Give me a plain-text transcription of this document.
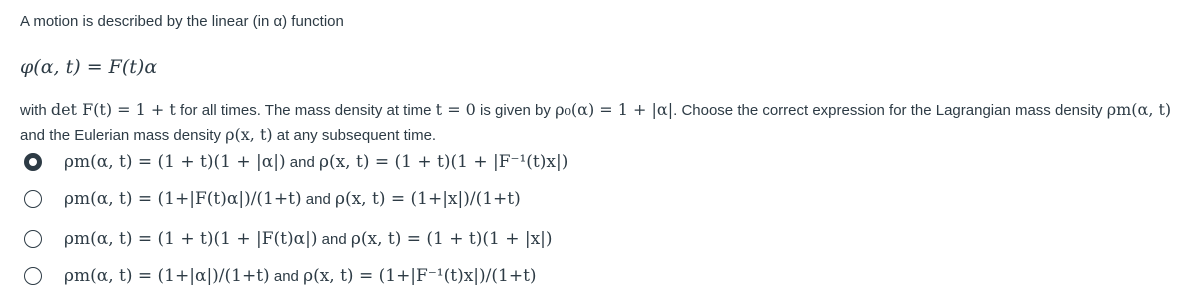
A motion is described by the linear (in α) function
φ(α, t) = F(t)α
with det F(t) = 1 + t for all times. The mass density at time t = 0 is given by ρ₀(α) = 1 + |α|. Choose the correct expression for the Lagrangian mass density ρm(α, t) and the Eulerian mass density ρ(x, t) at any subsequent time.
ρm(α, t) = (1 + t)(1 + |α|) and ρ(x, t) = (1 + t)(1 + |F⁻¹(t)x|)
ρm(α, t) = (1+|F(t)α|)/(1+t) and ρ(x, t) = (1+|x|)/(1+t)
ρm(α, t) = (1 + t)(1 + |F(t)α|) and ρ(x, t) = (1 + t)(1 + |x|)
ρm(α, t) = (1+|α|)/(1+t) and ρ(x, t) = (1+|F⁻¹(t)x|)/(1+t)
